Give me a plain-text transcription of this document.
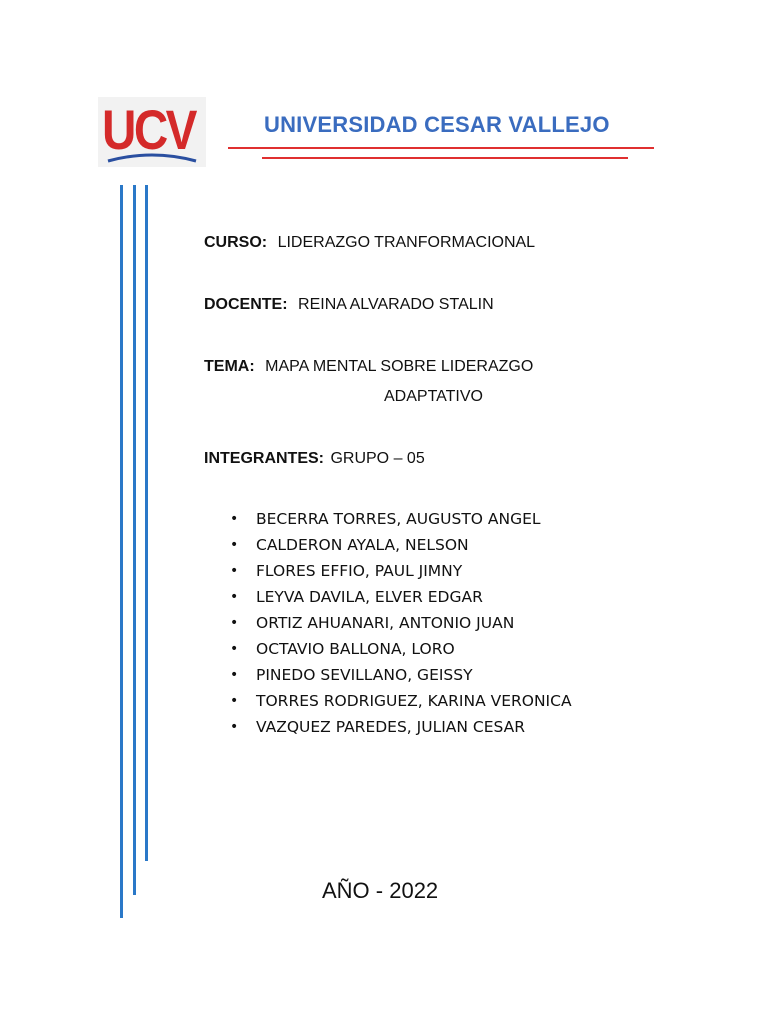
UCV	UNIVERSIDAD CESAR VALLEJO
CURSO: LIDERAZGO TRANFORMACIONAL
DOCENTE: REINA ALVARADO STALIN
TEMA: MAPA MENTAL SOBRE LIDERAZGO
ADAPTATIVO
INTEGRANTES: GRUPO – 05
• BECERRA TORRES, AUGUSTO ANGEL
• CALDERON AYALA, NELSON
• FLORES EFFIO, PAUL JIMNY
• LEYVA DAVILA, ELVER EDGAR
• ORTIZ AHUANARI, ANTONIO JUAN
• OCTAVIO BALLONA, LORO
• PINEDO SEVILLANO, GEISSY
• TORRES RODRIGUEZ, KARINA VERONICA
• VAZQUEZ PAREDES, JULIAN CESAR
AÑO - 2022
